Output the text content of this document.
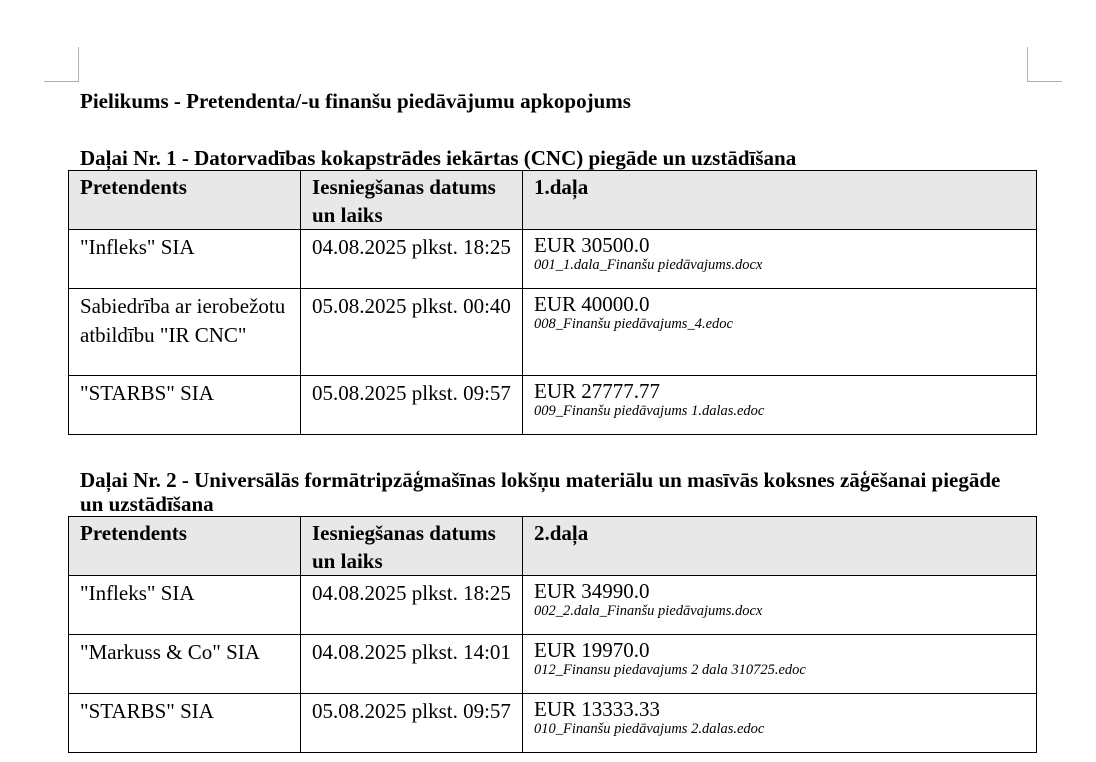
Pielikums - Pretendenta/-u finanšu piedāvājumu apkopojums
Daļai Nr. 1 - Datorvadības kokapstrādes iekārtas (CNC) piegāde un uzstādīšana
Pretendents	Iesniegšanas datums un laiks	1.daļa
"Infleks" SIA	04.08.2025 plkst. 18:25	EUR 30500.0
001_1.dala_Finanšu piedāvajums.docx

Sabiedrība ar ierobežotu atbildību "IR CNC"	05.08.2025 plkst. 00:40	EUR 40000.0
008_Finanšu piedāvajums_4.edoc

"STARBS" SIA	05.08.2025 plkst. 09:57	EUR 27777.77
009_Finanšu piedāvajums 1.dalas.edoc
Daļai Nr. 2 - Universālās formātripzāģmašīnas lokšņu materiālu un masīvās koksnes zāģēšanai piegāde un uzstādīšana
Pretendents	Iesniegšanas datums un laiks	2.daļa
"Infleks" SIA	04.08.2025 plkst. 18:25	EUR 34990.0
002_2.dala_Finanšu piedāvajums.docx

"Markuss & Co" SIA	04.08.2025 plkst. 14:01	EUR 19970.0
012_Finansu piedavajums 2 dala 310725.edoc

"STARBS" SIA	05.08.2025 plkst. 09:57	EUR 13333.33
010_Finanšu piedāvajums 2.dalas.edoc
